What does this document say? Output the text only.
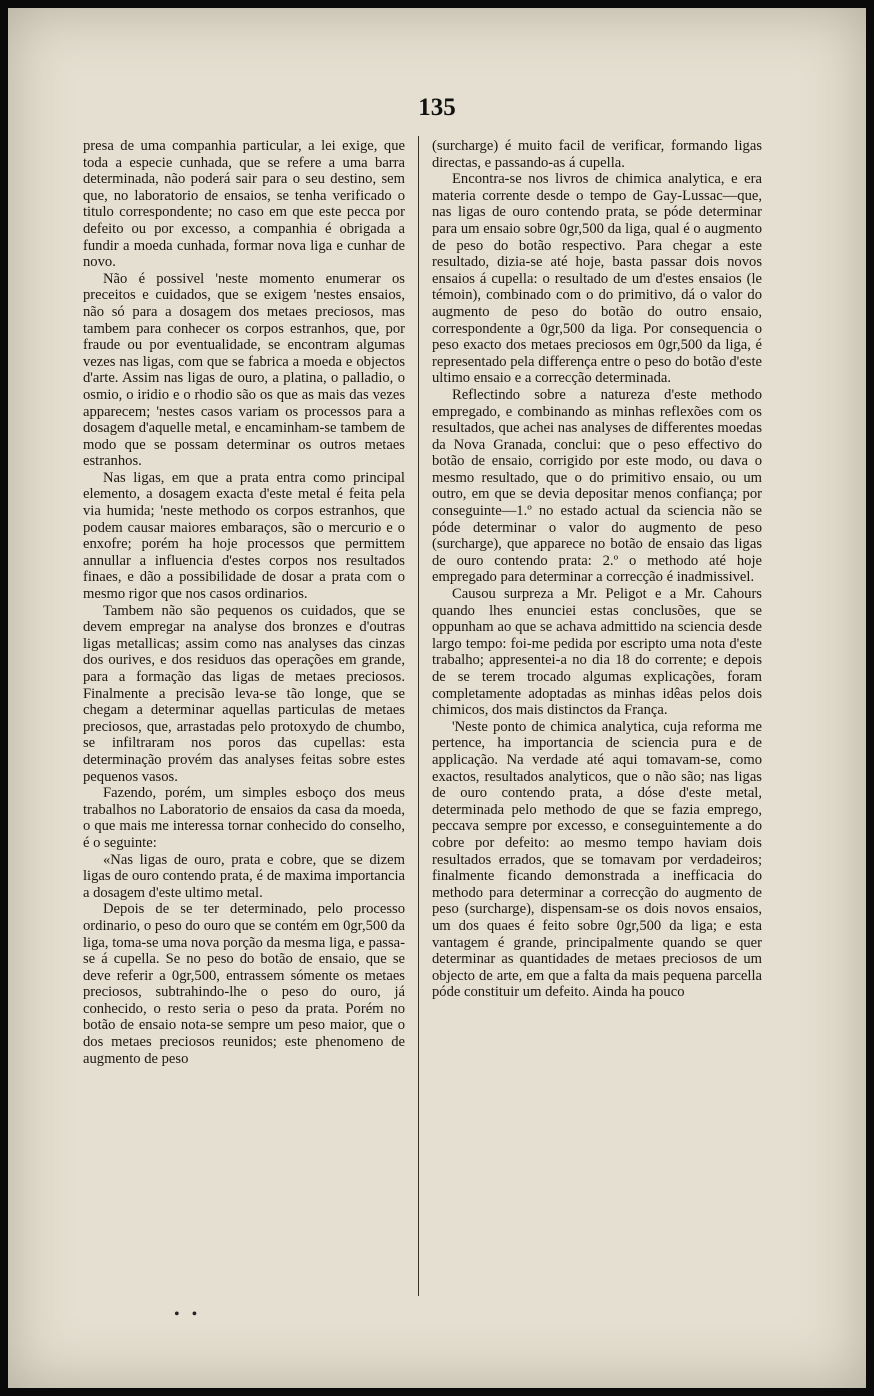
135

presa de uma companhia particular, a lei exige, que toda a especie cunhada, que se refere a uma barra determinada, não poderá sair para o seu destino, sem que, no laboratorio de ensaios, se tenha verificado o titulo correspondente; no caso em que este pecca por defeito ou por excesso, a companhia é obrigada a fundir a moeda cunhada, formar nova liga e cunhar de novo.

Não é possivel 'neste momento enumerar os preceitos e cuidados, que se exigem 'nestes ensaios, não só para a dosagem dos metaes preciosos, mas tambem para conhecer os corpos estranhos, que, por fraude ou por eventualidade, se encontram algumas vezes nas ligas, com que se fabrica a moeda e objectos d'arte. Assim nas ligas de ouro, a platina, o palladio, o osmio, o iridio e o rhodio são os que as mais das vezes apparecem; 'nestes casos variam os processos para a dosagem d'aquelle metal, e encaminham-se tambem de modo que se possam determinar os outros metaes estranhos.

Nas ligas, em que a prata entra como principal elemento, a dosagem exacta d'este metal é feita pela via humida; 'neste methodo os corpos estranhos, que podem causar maiores embaraços, são o mercurio e o enxofre; porém ha hoje processos que permittem annullar a influencia d'estes corpos nos resultados finaes, e dão a possibilidade de dosar a prata com o mesmo rigor que nos casos ordinarios.

Tambem não são pequenos os cuidados, que se devem empregar na analyse dos bronzes e d'outras ligas metallicas; assim como nas analyses das cinzas dos ourives, e dos residuos das operações em grande, para a formação das ligas de metaes preciosos. Finalmente a precisão leva-se tão longe, que se chegam a determinar aquellas particulas de metaes preciosos, que, arrastadas pelo protoxydo de chumbo, se infiltraram nos poros das cupellas: esta determinação provém das analyses feitas sobre estes pequenos vasos.

Fazendo, porém, um simples esboço dos meus trabalhos no Laboratorio de ensaios da casa da moeda, o que mais me interessa tornar conhecido do conselho, é o seguinte:

«Nas ligas de ouro, prata e cobre, que se dizem ligas de ouro contendo prata, é de maxima importancia a dosagem d'este ultimo metal.

Depois de se ter determinado, pelo processo ordinario, o peso do ouro que se contém em 0gr,500 da liga, toma-se uma nova porção da mesma liga, e passa-se á cupella. Se no peso do botão de ensaio, que se deve referir a 0gr,500, entrassem sómente os metaes preciosos, subtrahindo-lhe o peso do ouro, já conhecido, o resto seria o peso da prata. Porém no botão de ensaio nota-se sempre um peso maior, que o dos metaes preciosos reunidos; este phenomeno de augmento de peso

(surcharge) é muito facil de verificar, formando ligas directas, e passando-as á cupella.

Encontra-se nos livros de chimica analytica, e era materia corrente desde o tempo de Gay-Lussac—que, nas ligas de ouro contendo prata, se póde determinar para um ensaio sobre 0gr,500 da liga, qual é o augmento de peso do botão respectivo. Para chegar a este resultado, dizia-se até hoje, basta passar dois novos ensaios á cupella: o resultado de um d'estes ensaios (le témoin), combinado com o do primitivo, dá o valor do augmento de peso do botão do outro ensaio, correspondente a 0gr,500 da liga. Por consequencia o peso exacto dos metaes preciosos em 0gr,500 da liga, é representado pela differença entre o peso do botão d'este ultimo ensaio e a correcção determinada.

Reflectindo sobre a natureza d'este methodo empregado, e combinando as minhas reflexões com os resultados, que achei nas analyses de differentes moedas da Nova Granada, conclui: que o peso effectivo do botão de ensaio, corrigido por este modo, ou dava o mesmo resultado, que o do primitivo ensaio, ou um outro, em que se devia depositar menos confiança; por conseguinte—1.º no estado actual da sciencia não se póde determinar o valor do augmento de peso (surcharge), que apparece no botão de ensaio das ligas de ouro contendo prata: 2.º o methodo até hoje empregado para determinar a correcção é inadmissivel.

Causou surpreza a Mr. Peligot e a Mr. Cahours quando lhes enunciei estas conclusões, que se oppunham ao que se achava admittido na sciencia desde largo tempo: foi-me pedida por escripto uma nota d'este trabalho; appresentei-a no dia 18 do corrente; e depois de se terem trocado algumas explicações, foram completamente adoptadas as minhas idêas pelos dois chimicos, dos mais distinctos da França.

'Neste ponto de chimica analytica, cuja reforma me pertence, ha importancia de sciencia pura e de applicação. Na verdade até aqui tomavam-se, como exactos, resultados analyticos, que o não são; nas ligas de ouro contendo prata, a dóse d'este metal, determinada pelo methodo de que se fazia emprego, peccava sempre por excesso, e conseguintemente a do cobre por defeito: ao mesmo tempo haviam dois resultados errados, que se tomavam por verdadeiros; finalmente ficando demonstrada a inefficacia do methodo para determinar a correcção do augmento de peso (surcharge), dispensam-se os dois novos ensaios, um dos quaes é feito sobre 0gr,500 da liga; e esta vantagem é grande, principalmente quando se quer determinar as quantidades de metaes preciosos de um objecto de arte, em que a falta da mais pequena parcella póde constituir um defeito. Ainda ha pouco

• •
